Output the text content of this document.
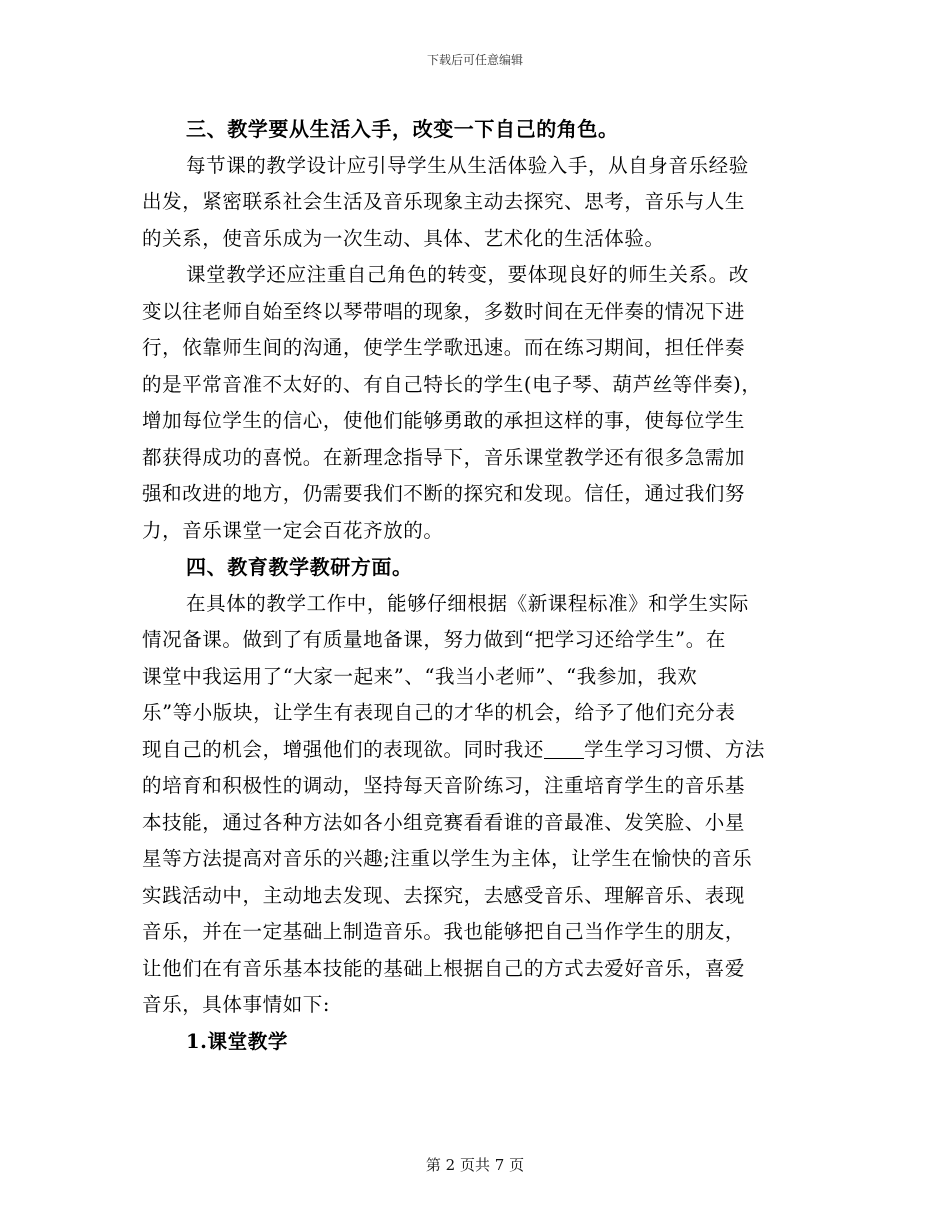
下载后可任意编辑
三、教学要从生活入手，改变一下自己的角色。
每节课的教学设计应引导学生从生活体验入手，从自身音乐经验
出发，紧密联系社会生活及音乐现象主动去探究、思考，音乐与人生
的关系，使音乐成为一次生动、具体、艺术化的生活体验。
课堂教学还应注重自己角色的转变，要体现良好的师生关系。改
变以往老师自始至终以琴带唱的现象，多数时间在无伴奏的情况下进
行，依靠师生间的沟通，使学生学歌迅速。而在练习期间，担任伴奏
的是平常音准不太好的、有自己特长的学生(电子琴、葫芦丝等伴奏)，
增加每位学生的信心，使他们能够勇敢的承担这样的事，使每位学生
都获得成功的喜悦。在新理念指导下，音乐课堂教学还有很多急需加
强和改进的地方，仍需要我们不断的探究和发现。信任，通过我们努
力，音乐课堂一定会百花齐放的。
四、教育教学教研方面。
在具体的教学工作中，能够仔细根据《新课程标准》和学生实际
情况备课。做到了有质量地备课，努力做到“把学习还给学生”。在
课堂中我运用了“大家一起来”、“我当小老师”、“我参加，我欢
乐”等小版块，让学生有表现自己的才华的机会，给予了他们充分表
现自己的机会，增强他们的表现欲。同时我还 学生学习习惯、方法
的培育和积极性的调动，坚持每天音阶练习，注重培育学生的音乐基
本技能，通过各种方法如各小组竞赛看看谁的音最准、发笑脸、小星
星等方法提高对音乐的兴趣;注重以学生为主体，让学生在愉快的音乐
实践活动中，主动地去发现、去探究，去感受音乐、理解音乐、表现
音乐，并在一定基础上制造音乐。我也能够把自己当作学生的朋友，
让他们在有音乐基本技能的基础上根据自己的方式去爱好音乐，喜爱
音乐，具体事情如下:
1.课堂教学
第 2 页共 7 页
